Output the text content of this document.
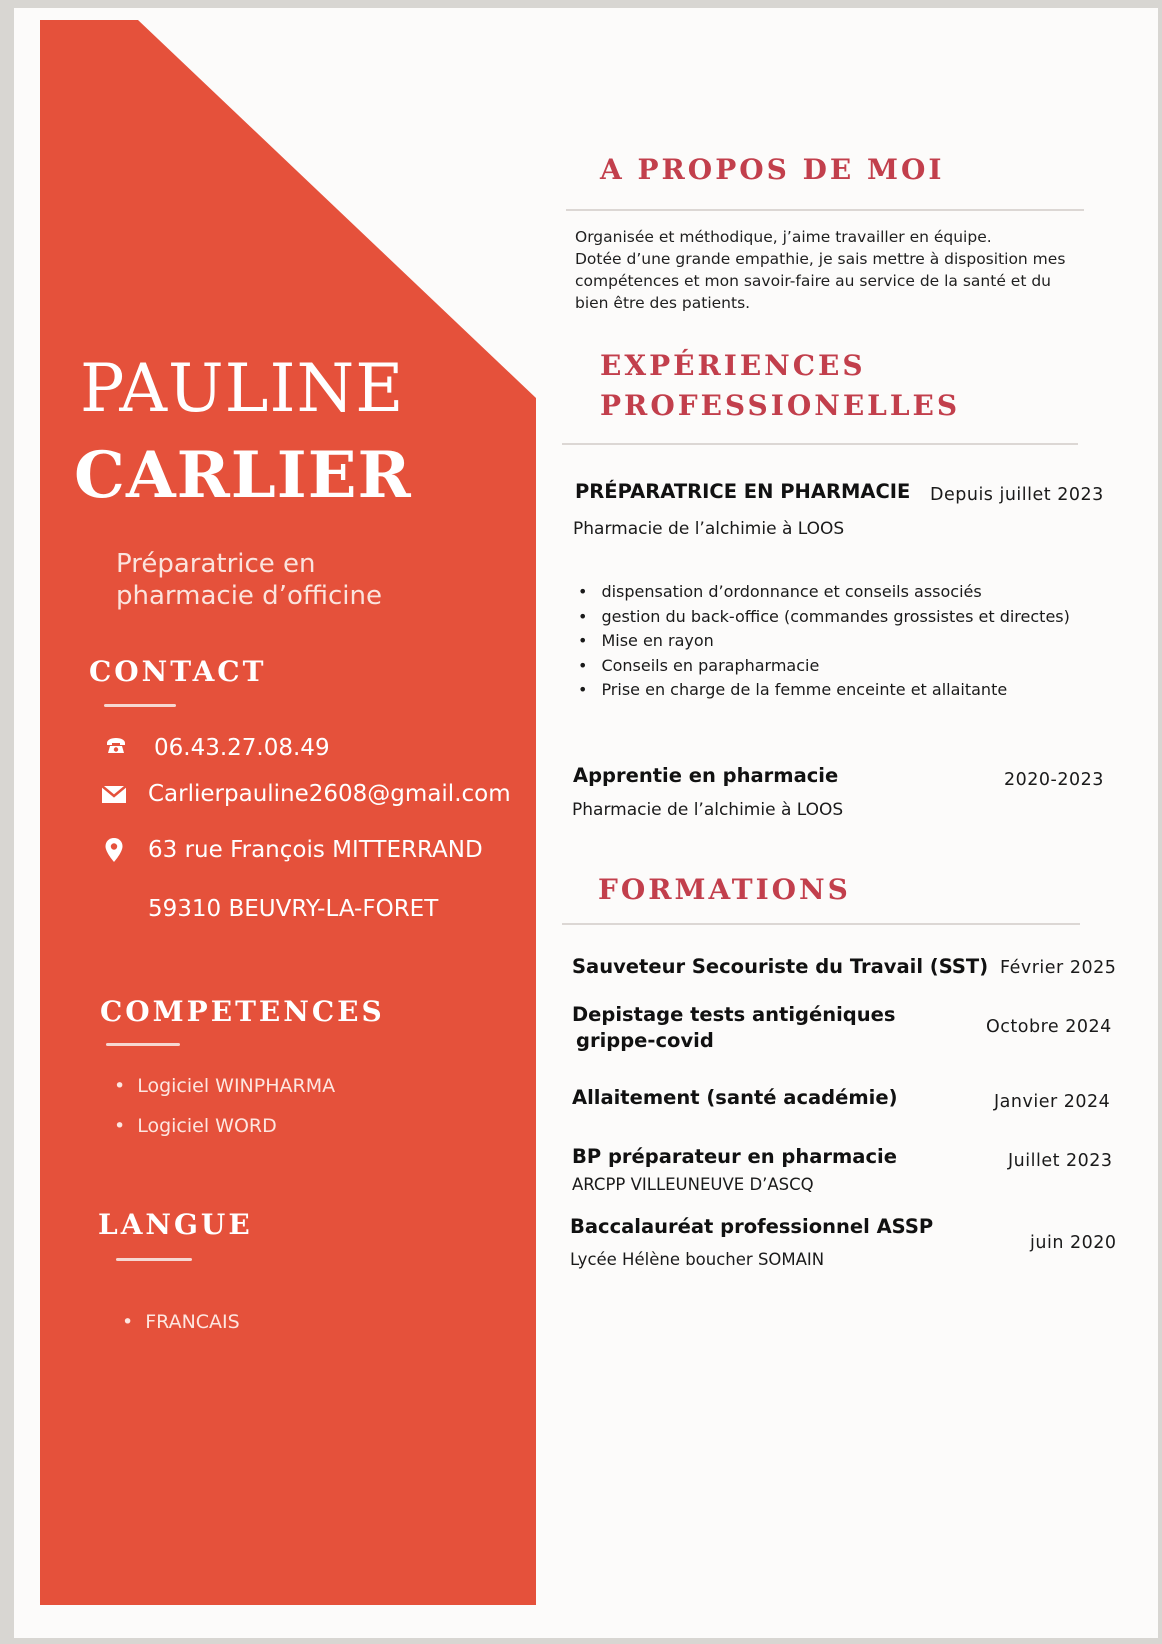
PAULINE
CARLIER
Préparatrice en
pharmacie d’officine
CONTACT
06.43.27.08.49
Carlierpauline2608@gmail.com
63 rue François MITTERRAND
59310 BEUVRY-LA-FORET
COMPETENCES
• Logiciel WINPHARMA
• Logiciel WORD
LANGUE
• FRANCAIS
A PROPOS DE MOI
Organisée et méthodique, j’aime travailler en équipe.
Dotée d’une grande empathie, je sais mettre à disposition mes
compétences et mon savoir-faire au service de la santé et du
bien être des patients.
EXPÉRIENCES
PROFESSIONELLES
PRÉPARATRICE EN PHARMACIE Depuis juillet 2023
Pharmacie de l’alchimie à LOOS
• dispensation d’ordonnance et conseils associés
• gestion du back-office (commandes grossistes et directes)
• Mise en rayon
• Conseils en parapharmacie
• Prise en charge de la femme enceinte et allaitante
Apprentie en pharmacie	2020-2023
Pharmacie de l’alchimie à LOOS
FORMATIONS
Sauveteur Secouriste du Travail (SST) Février 2025
Depistage tests antigéniques
grippe-covid
Octobre 2024
Allaitement (santé académie)	Janvier 2024
BP préparateur en pharmacie
ARCPP VILLEUNEUVE D’ASCQ
Juillet 2023
Baccalauréat professionnel ASSP
Lycée Hélène boucher SOMAIN
juin 2020
